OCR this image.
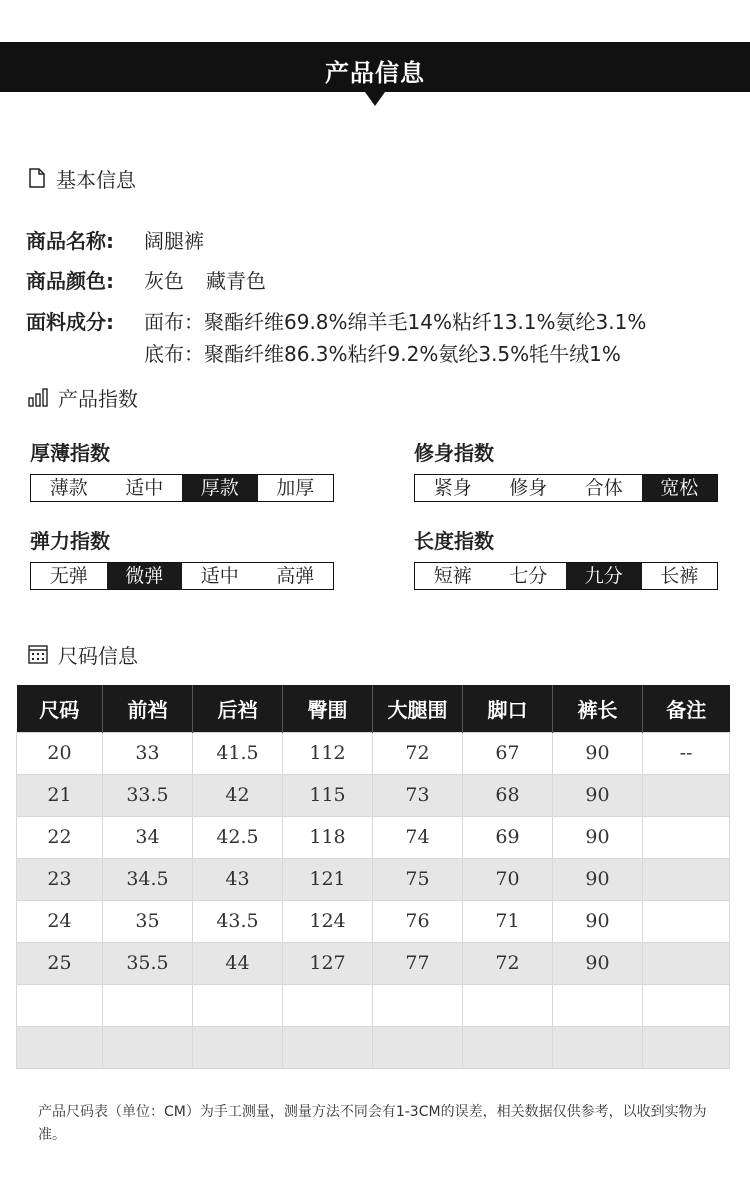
产品信息
基本信息
商品名称: 阔腿裤
商品颜色: 灰色 藏青色
面料成分: 面布：聚酯纤维69.8%绵羊毛14%粘纤13.1%氨纶3.1%
底布：聚酯纤维86.3%粘纤9.2%氨纶3.5%牦牛绒1%
产品指数
厚薄指数
薄款	适中	厚款	加厚
修身指数
紧身	修身	合体	宽松
弹力指数
无弹	微弹	适中	高弹
长度指数
短裤	七分	九分	长裤
尺码信息
尺码	前裆	后裆	臀围	大腿围	脚口	裤长	备注
20	33	41.5	112	72	67	90	--
21	33.5	42	115	73	68	90	
22	34	42.5	118	74	69	90	
23	34.5	43	121	75	70	90	
24	35	43.5	124	76	71	90	
25	35.5	44	127	77	72	90	

产品尺码表（单位：CM）为手工测量，测量方法不同会有1-3CM的误差，相关数据仅供参考，以收到实物为准。
